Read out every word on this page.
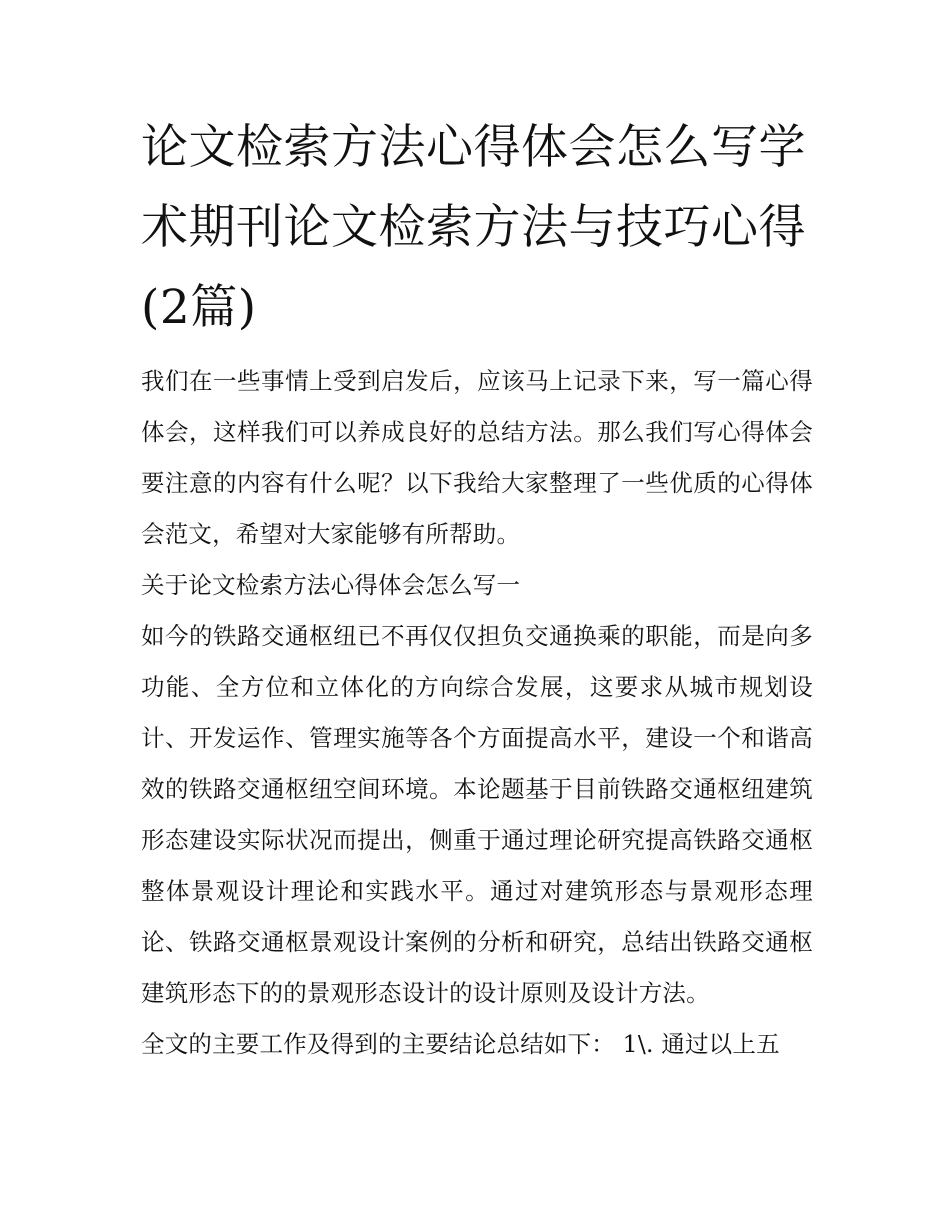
论文检索方法心得体会怎么写学术期刊论文检索方法与技巧心得(2篇)

我们在一些事情上受到启发后，应该马上记录下来，写一篇心得体会，这样我们可以养成良好的总结方法。那么我们写心得体会要注意的内容有什么呢？以下我给大家整理了一些优质的心得体会范文，希望对大家能够有所帮助。

关于论文检索方法心得体会怎么写一

如今的铁路交通枢纽已不再仅仅担负交通换乘的职能，而是向多功能、全方位和立体化的方向综合发展，这要求从城市规划设计、开发运作、管理实施等各个方面提高水平，建设一个和谐高效的铁路交通枢纽空间环境。本论题基于目前铁路交通枢纽建筑形态建设实际状况而提出，侧重于通过理论研究提高铁路交通枢整体景观设计理论和实践水平。通过对建筑形态与景观形态理论、铁路交通枢景观设计案例的分析和研究，总结出铁路交通枢建筑形态下的的景观形态设计的设计原则及设计方法。

全文的主要工作及得到的主要结论总结如下： 1\. 通过以上五
